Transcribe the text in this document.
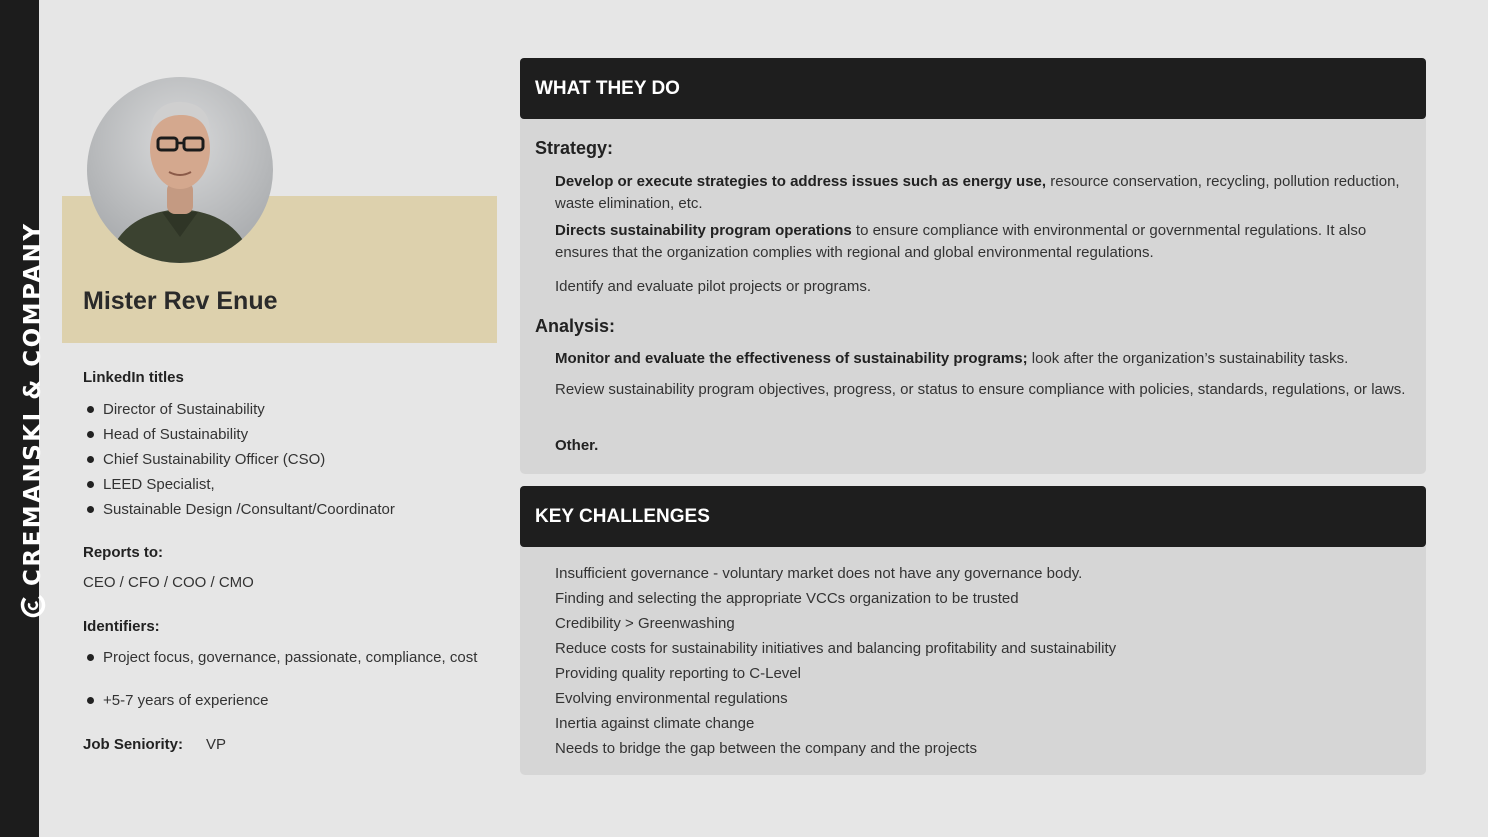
CREMANSKI & COMPANY Mister Rev Enue
LinkedIn titles
Director of Sustainability
Head of Sustainability
Chief Sustainability Officer (CSO)
LEED Specialist,
Sustainable Design /Consultant/Coordinator
Reports to:
CEO / CFO / COO / CMO
Identifiers:
Project focus, governance, passionate, compliance, cost
+5-7 years of experience
Job Seniority: VP
WHAT THEY DO
Strategy:
Develop or execute strategies to address issues such as energy use, resource conservation, recycling, pollution reduction, waste elimination, etc.
Directs sustainability program operations to ensure compliance with environmental or governmental regulations. It also ensures that the organization complies with regional and global environmental regulations.
Identify and evaluate pilot projects or programs.
Analysis:
Monitor and evaluate the effectiveness of sustainability programs; look after the organization’s sustainability tasks.
Review sustainability program objectives, progress, or status to ensure compliance with policies, standards, regulations, or laws.
Other.
KEY CHALLENGES
Insufficient governance - voluntary market does not have any governance body.
Finding and selecting the appropriate VCCs organization to be trusted
Credibility > Greenwashing
Reduce costs for sustainability initiatives and balancing profitability and sustainability
Providing quality reporting to C-Level
Evolving environmental regulations
Inertia against climate change
Needs to bridge the gap between the company and the projects
